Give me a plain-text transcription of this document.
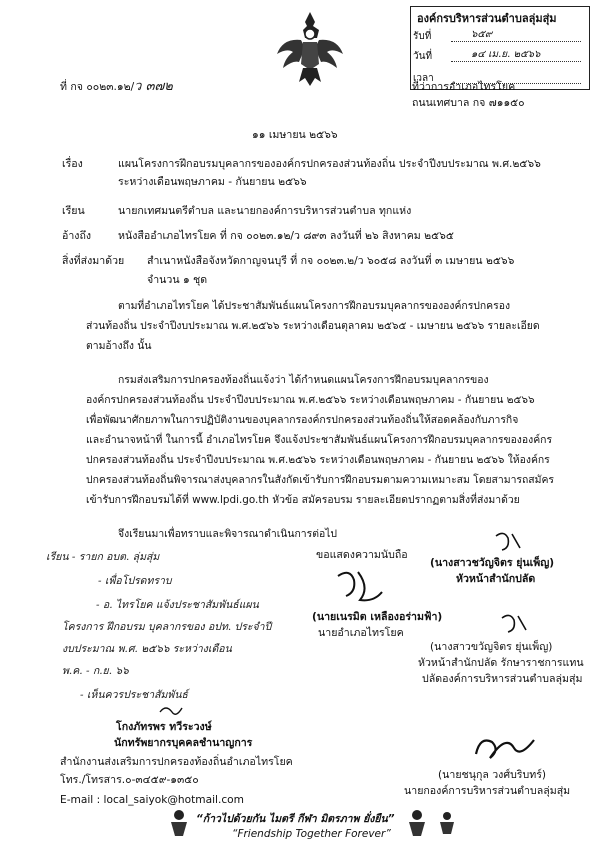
องค์กรบริหารส่วนตำบลลุ่มสุ่ม
รับที่	๖๕๙
วันที่	๑๔ เม.ย. ๒๕๖๖
เวลา
ที่ กจ ๐๐๒๓.๑๒/ว ๓๗๒	ที่ว่าการอำเภอไทรโยค
ถนนเทศบาล กจ ๗๑๑๕๐
๑๑ เมษายน ๒๕๖๖
เรื่อง	แผนโครงการฝึกอบรมบุคลากรขององค์กรปกครองส่วนท้องถิ่น ประจำปีงบประมาณ พ.ศ.๒๕๖๖
ระหว่างเดือนพฤษภาคม - กันยายน ๒๕๖๖
เรียน	นายกเทศมนตรีตำบล และนายกองค์การบริหารส่วนตำบล ทุกแห่ง
อ้างถึง	หนังสืออำเภอไทรโยค ที่ กจ ๐๐๒๓.๑๒/ว ๘๙๓ ลงวันที่ ๒๖ สิงหาคม ๒๕๖๕
สิ่งที่ส่งมาด้วย สำเนาหนังสือจังหวัดกาญจนบุรี ที่ กจ ๐๐๒๓.๒/ว ๖๐๕๘ ลงวันที่ ๓ เมษายน ๒๕๖๖
จำนวน ๑ ชุด
ตามที่อำเภอไทรโยค ได้ประชาสัมพันธ์แผนโครงการฝึกอบรมบุคลากรขององค์กรปกครอง
ส่วนท้องถิ่น ประจำปีงบประมาณ พ.ศ.๒๕๖๖ ระหว่างเดือนตุลาคม ๒๕๖๕ - เมษายน ๒๕๖๖ รายละเอียด
ตามอ้างถึง นั้น
กรมส่งเสริมการปกครองท้องถิ่นแจ้งว่า ได้กำหนดแผนโครงการฝึกอบรมบุคลากรของ
องค์กรปกครองส่วนท้องถิ่น ประจำปีงบประมาณ พ.ศ.๒๕๖๖ ระหว่างเดือนพฤษภาคม - กันยายน ๒๕๖๖
เพื่อพัฒนาศักยภาพในการปฏิบัติงานของบุคลากรองค์กรปกครองส่วนท้องถิ่นให้สอดคล้องกับภารกิจ
และอำนาจหน้าที่ ในการนี้ อำเภอไทรโยค จึงแจ้งประชาสัมพันธ์แผนโครงการฝึกอบรมบุคลากรขององค์กร
ปกครองส่วนท้องถิ่น ประจำปีงบประมาณ พ.ศ.๒๕๖๖ ระหว่างเดือนพฤษภาคม - กันยายน ๒๕๖๖ ให้องค์กร
ปกครองส่วนท้องถิ่นพิจารณาส่งบุคลากรในสังกัดเข้ารับการฝึกอบรมตามความเหมาะสม โดยสามารถสมัคร
เข้ารับการฝึกอบรมได้ที่ www.lpdi.go.th หัวข้อ สมัครอบรม รายละเอียดปรากฏตามสิ่งที่ส่งมาด้วย
จึงเรียนมาเพื่อทราบและพิจารณาดำเนินการต่อไป
ขอแสดงความนับถือ
(นายเนรมิต เหลืองอร่ามฟ้า)
นายอำเภอไทรโยค
(นางสาวชวัญจิตร ยุ่นเพ็ญ)
หัวหน้าสำนักปลัด
(นางสาวขวัญจิตร ยุ่นเพ็ญ)
หัวหน้าสำนักปลัด รักษาราชการแทน
ปลัดองค์การบริหารส่วนตำบลลุ่มสุ่ม
เรียน - รายก อบต. ลุ่มสุ่ม
- เพื่อโปรดทราบ
- อ. ไทรโยค แจ้งประชาสัมพันธ์แผน
โครงการ ฝึกอบรม บุคลากรของ อปท. ประจำปี
งบประมาณ พ.ศ. ๒๕๖๖ ระหว่างเดือน
พ.ค. - ก.ย. ๖๖
- เห็นควรประชาสัมพันธ์
โกงภัทรพร ทวีระวงษ์
นักทรัพยากรบุคคลชำนาญการ
(นายชนุกุล วงศ์บริบทร์)
นายกองค์การบริหารส่วนตำบลลุ่มสุ่ม
สำนักงานส่งเสริมการปกครองท้องถิ่นอำเภอไทรโยค
โทร./โทรสาร.๐-๓๔๕๙-๑๓๕๐
E-mail : local_saiyok@hotmail.com
“ก้าวไปด้วยกัน ไมตรี กีฬา มิตรภาพ ยั่งยืน”
“Friendship Together Forever”
